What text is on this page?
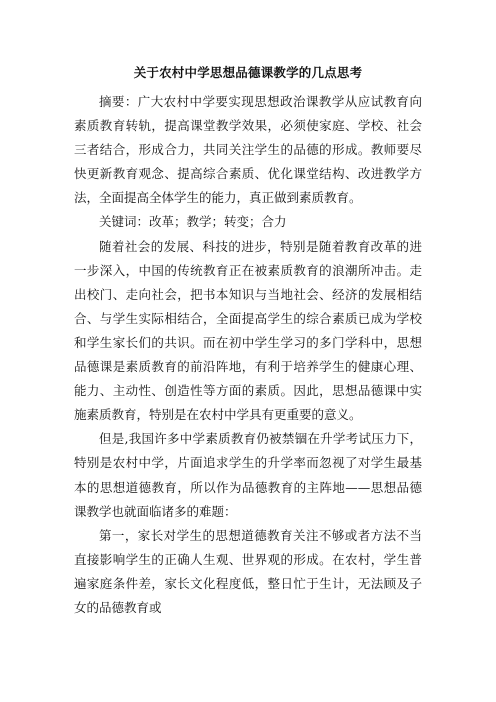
关于农村中学思想品德课教学的几点思考

摘要：广大农村中学要实现思想政治课教学从应试教育向素质教育转轨，提高课堂教学效果，必须使家庭、学校、社会三者结合，形成合力，共同关注学生的品德的形成。教师要尽快更新教育观念、提高综合素质、优化课堂结构、改进教学方法，全面提高全体学生的能力，真正做到素质教育。

关键词：改革；教学；转变；合力

随着社会的发展、科技的进步，特别是随着教育改革的进一步深入，中国的传统教育正在被素质教育的浪潮所冲击。走出校门、走向社会，把书本知识与当地社会、经济的发展相结合、与学生实际相结合，全面提高学生的综合素质已成为学校和学生家长们的共识。而在初中学生学习的多门学科中，思想品德课是素质教育的前沿阵地，有利于培养学生的健康心理、能力、主动性、创造性等方面的素质。因此，思想品德课中实施素质教育，特别是在农村中学具有更重要的意义。

但是,我国许多中学素质教育仍被禁锢在升学考试压力下，特别是农村中学，片面追求学生的升学率而忽视了对学生最基本的思想道德教育，所以作为品德教育的主阵地——思想品德课教学也就面临诸多的难题：

第一，家长对学生的思想道德教育关注不够或者方法不当直接影响学生的正确人生观、世界观的形成。在农村，学生普遍家庭条件差，家长文化程度低，整日忙于生计，无法顾及子女的品德教育或
